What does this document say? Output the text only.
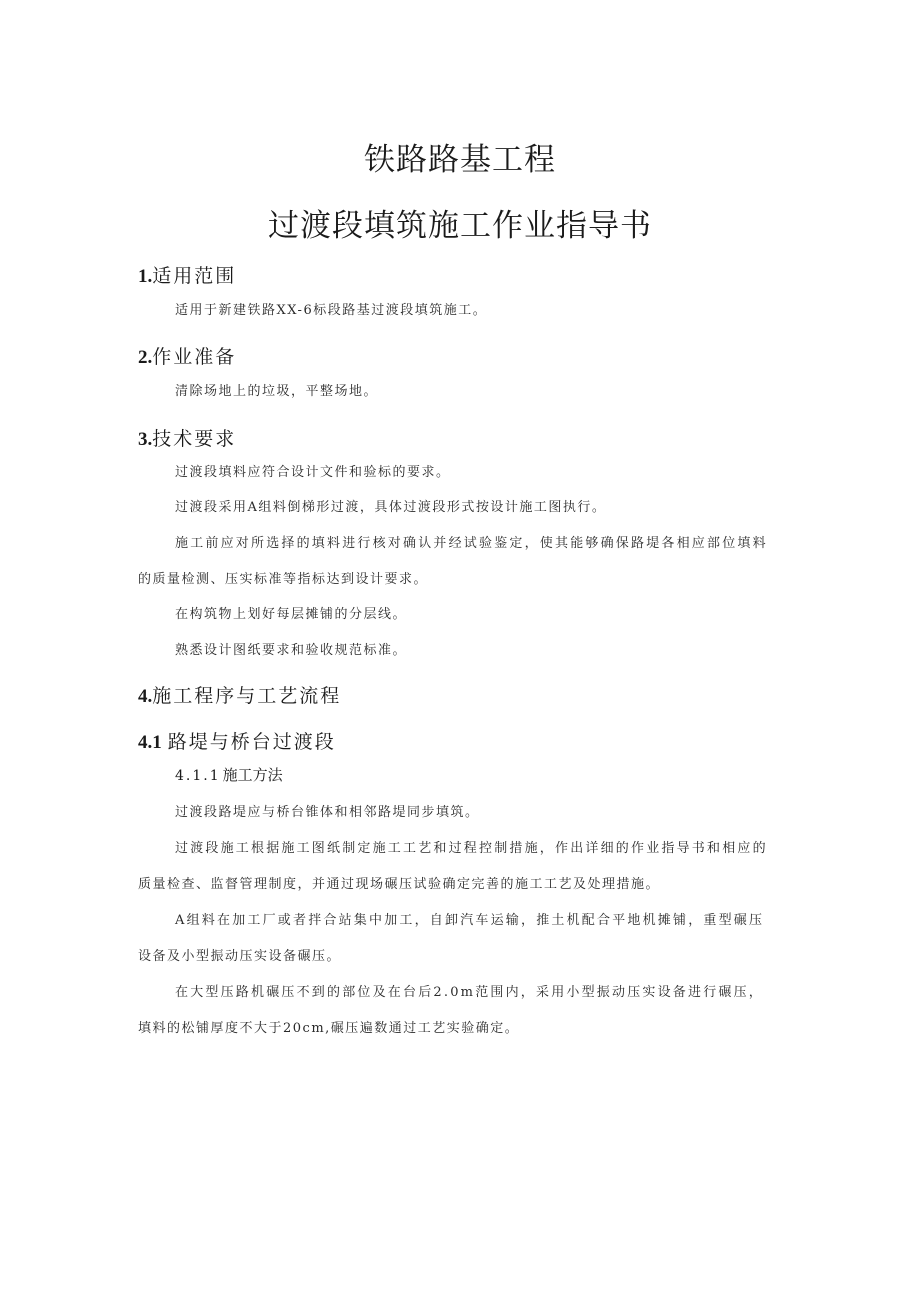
铁路路基工程
过渡段填筑施工作业指导书
1.适用范围
适用于新建铁路XX-6标段路基过渡段填筑施工。
2.作业准备
清除场地上的垃圾，平整场地。
3.技术要求
过渡段填料应符合设计文件和验标的要求。
过渡段采用A组料倒梯形过渡，具体过渡段形式按设计施工图执行。
施工前应对所选择的填料进行核对确认并经试验鉴定，使其能够确保路堤各相应部位填料
的质量检测、压实标准等指标达到设计要求。
在构筑物上划好每层摊铺的分层线。
熟悉设计图纸要求和验收规范标准。
4.施工程序与工艺流程
4.1 路堤与桥台过渡段
4.1.1 施工方法
过渡段路堤应与桥台锥体和相邻路堤同步填筑。
过渡段施工根据施工图纸制定施工工艺和过程控制措施，作出详细的作业指导书和相应的
质量检查、监督管理制度，并通过现场碾压试验确定完善的施工工艺及处理措施。
A组料在加工厂或者拌合站集中加工，自卸汽车运输，推土机配合平地机摊铺，重型碾压
设备及小型振动压实设备碾压。
在大型压路机碾压不到的部位及在台后2.0m范围内，采用小型振动压实设备进行碾压，
填料的松铺厚度不大于20cm,碾压遍数通过工艺实验确定。
